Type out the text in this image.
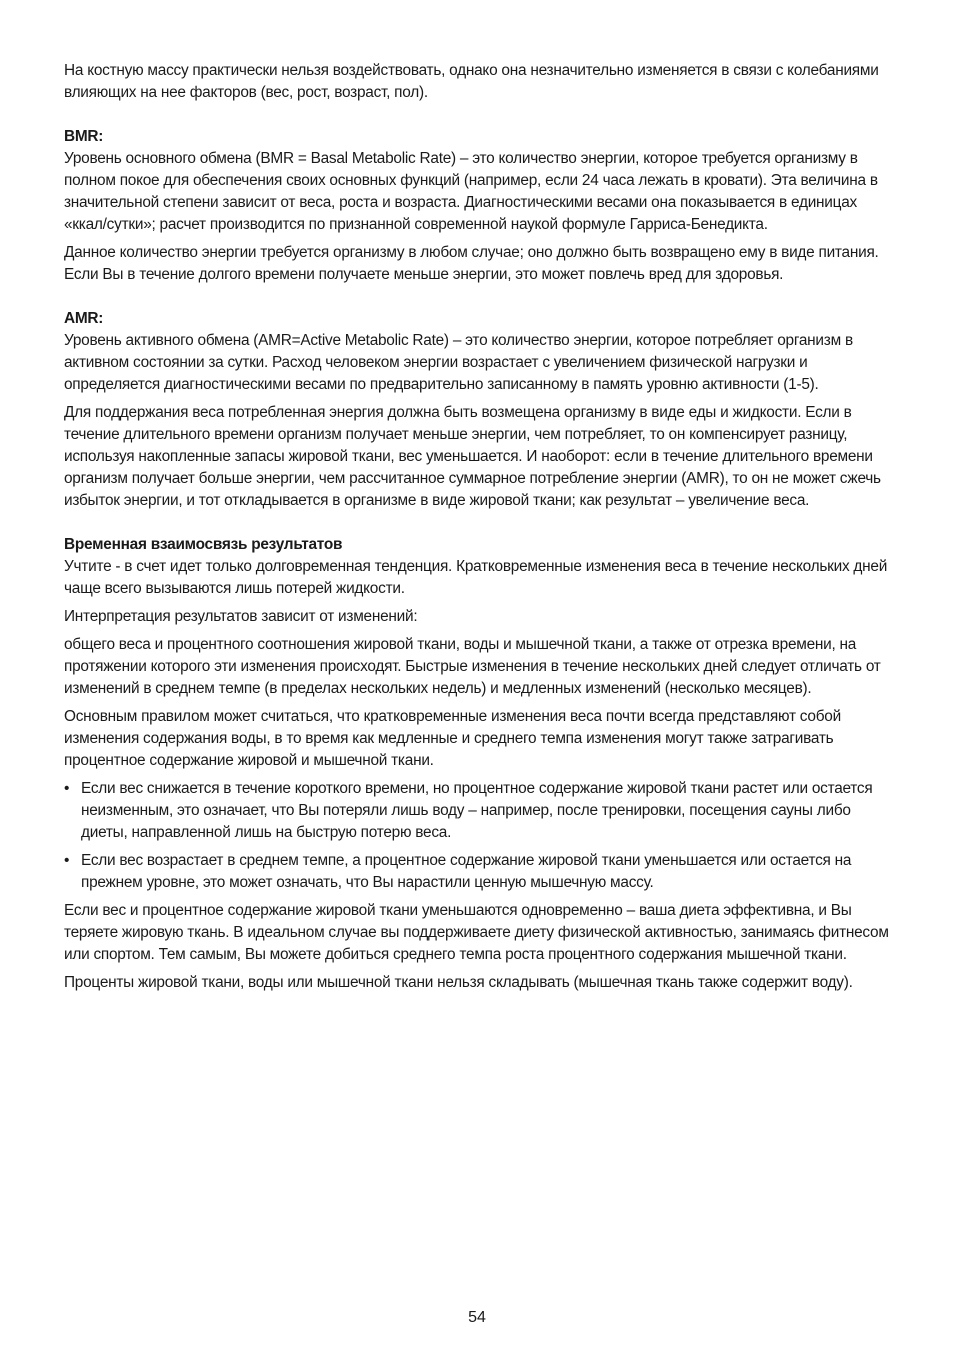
На костную массу практически нельзя воздействовать, однако она незначительно изменяется в связи с колебаниями влияющих на нее факторов (вес, рост, возраст, пол).

BMR:

Уровень основного обмена (BMR = Basal Metabolic Rate) – это количество энергии, которое требуется организму в полном покое для обеспечения своих основных функций (например, если 24 часа лежать в кровати). Эта величина в значительной степени зависит от веса, роста и возраста. Диагностическими весами она показывается в единицах «ккал/сутки»; расчет производится по признанной современной наукой формуле Гарриса-Бенедикта.

Данное количество энергии требуется организму в любом случае; оно должно быть возвращено ему в виде питания. Если Вы в течение долгого времени получаете меньше энергии, это может повлечь вред для здоровья.

AMR:

Уровень активного обмена (AMR=Active Metabolic Rate) – это количество энергии, которое потребляет организм в активном состоянии за сутки. Расход человеком энергии возрастает с увеличением физической нагрузки и определяется диагностическими весами по предварительно записанному в память уровню активности (1-5).

Для поддержания веса потребленная энергия должна быть возмещена организму в виде еды и жидкости. Если в течение длительного времени организм получает меньше энергии, чем потребляет, то он компенсирует разницу, используя накопленные запасы жировой ткани, вес уменьшается. И наоборот: если в течение длительного времени организм получает больше энергии, чем рассчитанное суммарное потребление энергии (AMR), то он не может сжечь избыток энергии, и тот откладывается в организме в виде жировой ткани; как результат – увеличение веса.

Временная взаимосвязь результатов

Учтите - в счет идет только долговременная тенденция. Кратковременные изменения веса в течение нескольких дней чаще всего вызываются лишь потерей жидкости.

Интерпретация результатов зависит от изменений:

общего веса и процентного соотношения жировой ткани, воды и мышечной ткани, а также от отрезка времени, на протяжении которого эти изменения происходят. Быстрые изменения в течение нескольких дней следует отличать от изменений в среднем темпе (в пределах нескольких недель) и медленных изменений (несколько месяцев).

Основным правилом может считаться, что кратковременные изменения веса почти всегда представляют собой изменения содержания воды, в то время как медленные и среднего темпа изменения могут также затрагивать процентное содержание жировой и мышечной ткани.

• Если вес снижается в течение короткого времени, но процентное содержание жировой ткани растет или остается неизменным, это означает, что Вы потеряли лишь воду – например, после тренировки, посещения сауны либо диеты, направленной лишь на быструю потерю веса.
• Если вес возрастает в среднем темпе, а процентное содержание жировой ткани уменьшается или остается на прежнем уровне, это может означать, что Вы нарастили ценную мышечную массу.

Если вес и процентное содержание жировой ткани уменьшаются одновременно – ваша диета эффективна, и Вы теряете жировую ткань. В идеальном случае вы поддерживаете диету физической активностью, занимаясь фитнесом или спортом. Тем самым, Вы можете добиться среднего темпа роста процентного содержания мышечной ткани.

Проценты жировой ткани, воды или мышечной ткани нельзя складывать (мышечная ткань также содержит воду).

54
